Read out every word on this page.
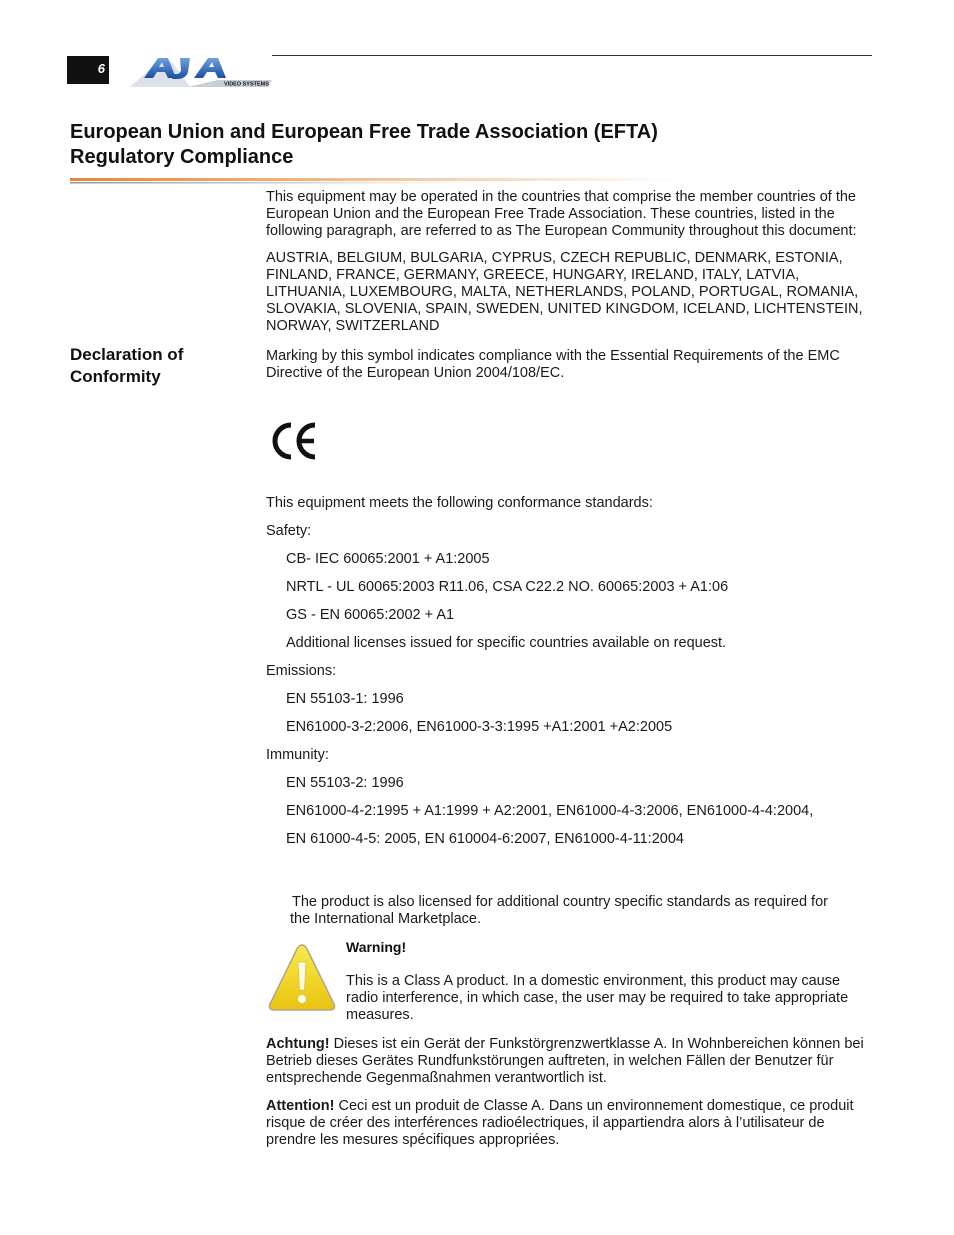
6
VIDEO SYSTEMS
European Union and European Free Trade Association (EFTA)
Regulatory Compliance
This equipment may be operated in the countries that comprise the member countries of the European Union and the European Free Trade Association. These countries, listed in the following paragraph, are referred to as The European Community throughout this document:
AUSTRIA, BELGIUM, BULGARIA, CYPRUS, CZECH REPUBLIC, DENMARK, ESTONIA, FINLAND, FRANCE, GERMANY, GREECE, HUNGARY, IRELAND, ITALY, LATVIA, LITHUANIA, LUXEMBOURG, MALTA, NETHERLANDS, POLAND, PORTUGAL, ROMANIA, SLOVAKIA, SLOVENIA, SPAIN, SWEDEN, UNITED KINGDOM, ICELAND, LICHTENSTEIN, NORWAY, SWITZERLAND
Declaration of
Conformity
Marking by this symbol indicates compliance with the Essential Requirements of the EMC Directive of the European Union 2004/108/EC.
This equipment meets the following conformance standards:
Safety:
CB- IEC 60065:2001 + A1:2005
NRTL - UL 60065:2003 R11.06, CSA C22.2 NO. 60065:2003 + A1:06
GS - EN 60065:2002 + A1
Additional licenses issued for specific countries available on request.
Emissions:
EN 55103-1: 1996
EN61000-3-2:2006, EN61000-3-3:1995 +A1:2001 +A2:2005
Immunity:
EN 55103-2: 1996
EN61000-4-2:1995 + A1:1999 + A2:2001, EN61000-4-3:2006, EN61000-4-4:2004,
EN 61000-4-5: 2005, EN 610004-6:2007, EN61000-4-11:2004
The product is also licensed for additional country specific standards as required for the International Marketplace.
Warning!
This is a Class A product. In a domestic environment, this product may cause radio interference, in which case, the user may be required to take appropriate measures.
Achtung! Dieses ist ein Gerät der Funkstörgrenzwertklasse A. In Wohnbereichen können bei Betrieb dieses Gerätes Rundfunkstörungen auftreten, in welchen Fällen der Benutzer für entsprechende Gegenmaßnahmen verantwortlich ist.
Attention! Ceci est un produit de Classe A. Dans un environnement domestique, ce produit risque de créer des interférences radioélectriques, il appartiendra alors à l’utilisateur de prendre les mesures spécifiques appropriées.
